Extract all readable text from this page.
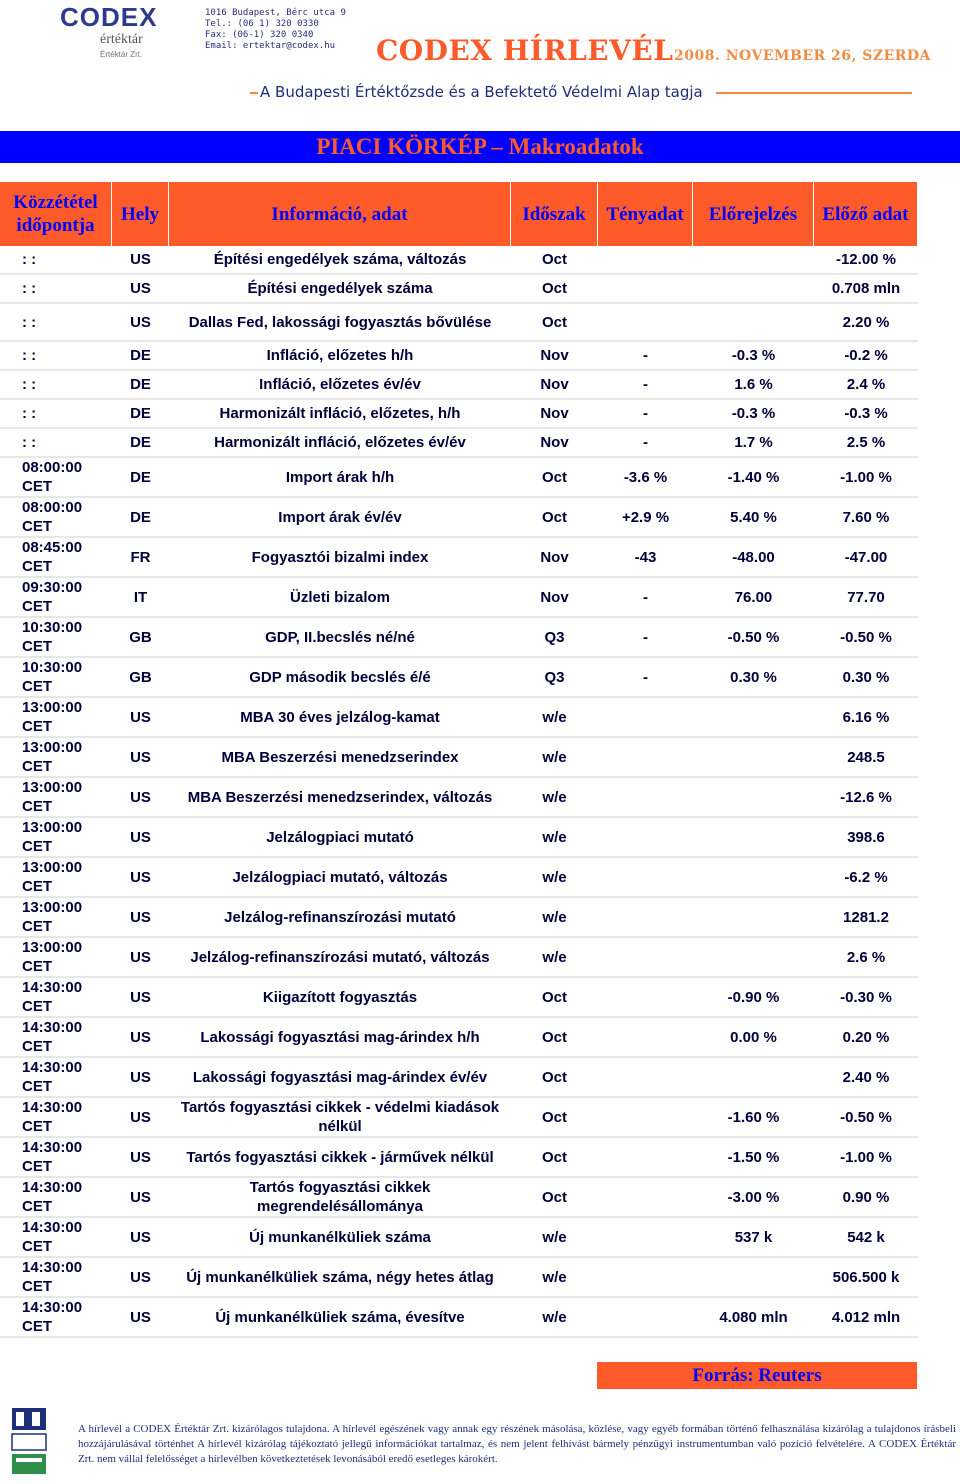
CODEX
értéktár
Értéktár Zrt.
1016 Budapest, Bérc utca 9
Tel.: (06 1) 320 0330
Fax: (06-1) 320 0340
Email: ertektar@codex.hu	CODEX HÍRLEVÉL 2008. NOVEMBER 26, SZERDA
A Budapesti Értéktőzsde és a Befektető Védelmi Alap tagja
PIACI KÖRKÉP – Makroadatok
Közzététel időpontja	Hely	Információ, adat	Időszak	Tényadat	Előrejelzés	Előző adat
: :	US	Építési engedélyek száma, változás	Oct			-12.00 %
: :	US	Építési engedélyek száma	Oct			0.708 mln
: :	US	Dallas Fed, lakossági fogyasztás bővülése	Oct			2.20 %
: :	DE	Infláció, előzetes h/h	Nov	-	-0.3 %	-0.2 %
: :	DE	Infláció, előzetes év/év	Nov	-	1.6 %	2.4 %
: :	DE	Harmonizált infláció, előzetes, h/h	Nov	-	-0.3 %	-0.3 %
: :	DE	Harmonizált infláció, előzetes év/év	Nov	-	1.7 %	2.5 %
08:00:00 CET	DE	Import árak h/h	Oct	-3.6 %	-1.40 %	-1.00 %
08:00:00 CET	DE	Import árak év/év	Oct	+2.9 %	5.40 %	7.60 %
08:45:00 CET	FR	Fogyasztói bizalmi index	Nov	-43	-48.00	-47.00
09:30:00 CET	IT	Üzleti bizalom	Nov	-	76.00	77.70
10:30:00 CET	GB	GDP, II.becslés né/né	Q3	-	-0.50 %	-0.50 %
10:30:00 CET	GB	GDP második becslés é/é	Q3	-	0.30 %	0.30 %
13:00:00 CET	US	MBA 30 éves jelzálog-kamat	w/e			6.16 %
13:00:00 CET	US	MBA Beszerzési menedzserindex	w/e			248.5
13:00:00 CET	US	MBA Beszerzési menedzserindex, változás	w/e			-12.6 %
13:00:00 CET	US	Jelzálogpiaci mutató	w/e			398.6
13:00:00 CET	US	Jelzálogpiaci mutató, változás	w/e			-6.2 %
13:00:00 CET	US	Jelzálog-refinanszírozási mutató	w/e			1281.2
13:00:00 CET	US	Jelzálog-refinanszírozási mutató, változás	w/e			2.6 %
14:30:00 CET	US	Kiigazított fogyasztás	Oct		-0.90 %	-0.30 %
14:30:00 CET	US	Lakossági fogyasztási mag-árindex h/h	Oct		0.00 %	0.20 %
14:30:00 CET	US	Lakossági fogyasztási mag-árindex év/év	Oct			2.40 %
14:30:00 CET	US	Tartós fogyasztási cikkek - védelmi kiadások nélkül	Oct		-1.60 %	-0.50 %
14:30:00 CET	US	Tartós fogyasztási cikkek - járművek nélkül	Oct		-1.50 %	-1.00 %
14:30:00 CET	US	Tartós fogyasztási cikkek megrendelésállománya	Oct		-3.00 %	0.90 %
14:30:00 CET	US	Új munkanélküliek száma	w/e		537 k	542 k
14:30:00 CET	US	Új munkanélküliek száma, négy hetes átlag	w/e			506.500 k
14:30:00 CET	US	Új munkanélküliek száma, évesítve	w/e		4.080 mln	4.012 mln
Forrás: Reuters
A hírlevél a CODEX Értéktár Zrt. kizárólagos tulajdona. A hírlevél egészének vagy annak egy részének másolása, közlése, vagy egyéb formában történő felhasználása kizárólag a tulajdonos írásbeli hozzájárulásával történhet A hírlevél kizárólag tájékoztató jellegű információkat tartalmaz, és nem jelent felhívást bármely pénzügyi instrumentumban való pozíció felvételére. A CODEX Értéktár Zrt. nem vállal felelősséget a hírlevélben következtetések levonásából eredő esetleges károkért.
